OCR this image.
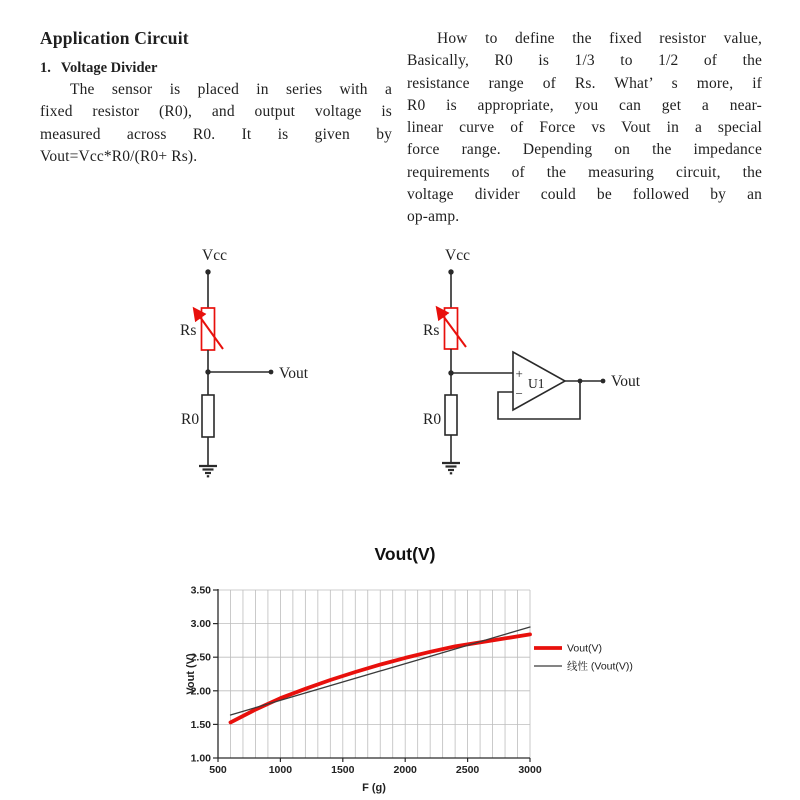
Application Circuit
1. Voltage Divider
The sensor is placed in series with a
fixed resistor (R0), and output voltage is
measured across R0. It is given by
Vout=Vcc*R0/(R0+ Rs).
How to define the fixed resistor value,
Basically, R0 is 1/3 to 1/2 of the
resistance range of Rs. What’ s more, if
R0 is appropriate, you can get a near-
linear curve of Force vs Vout in a special
force range. Depending on the impedance
requirements of the measuring circuit, the
voltage divider could be followed by an
op-amp.
Vcc
Rs
Vout
R0
Vcc
Rs
R0
+
−
U1	Vout
1.00
1.50
2.00
2.50
3.00
3.50
500	1000	1500	2000	2500	3000
Vout(V)
F (g)
Vout (V)
Vout(V)
线性 (Vout(V))
